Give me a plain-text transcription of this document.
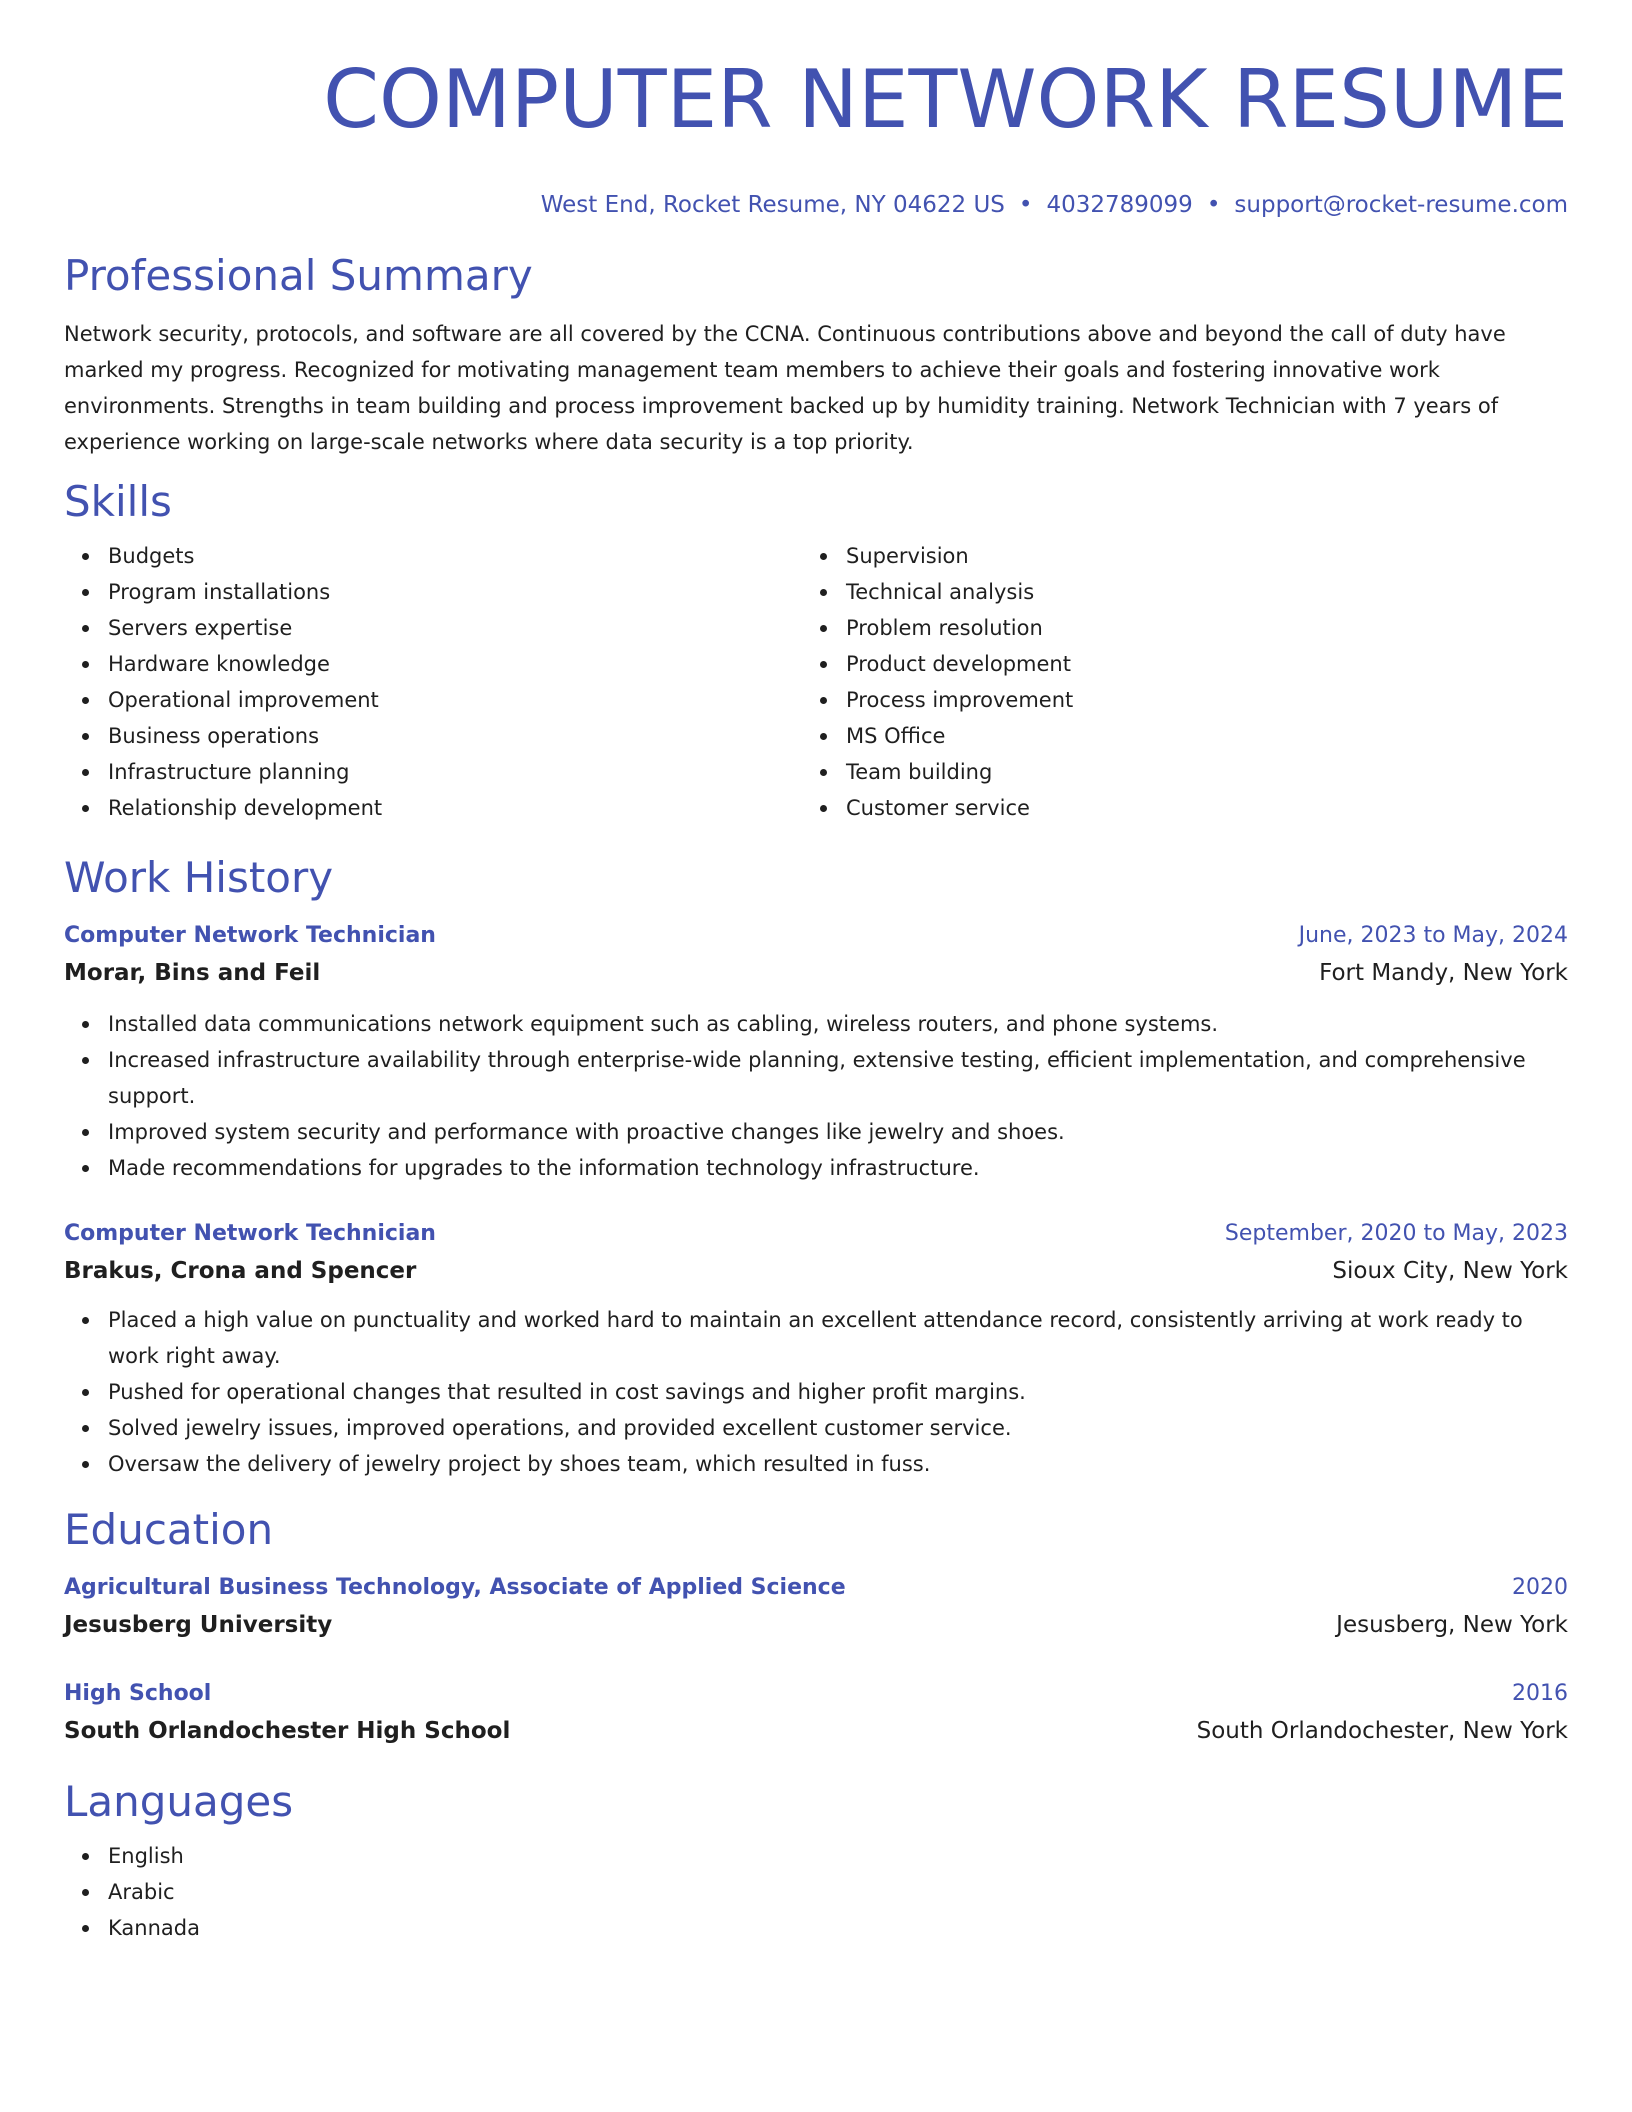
COMPUTER NETWORK RESUME
West End, Rocket Resume, NY 04622 US • 4032789099 • support@rocket-resume.com
Professional Summary
Network security, protocols, and software are all covered by the CCNA. Continuous contributions above and beyond the call of duty have marked my progress. Recognized for motivating management team members to achieve their goals and fostering innovative work environments. Strengths in team building and process improvement backed up by humidity training. Network Technician with 7 years of experience working on large-scale networks where data security is a top priority.
Skills
Budgets
Program installations
Servers expertise
Hardware knowledge
Operational improvement
Business operations
Infrastructure planning
Relationship development
Supervision
Technical analysis
Problem resolution
Product development
Process improvement
MS Office
Team building
Customer service
Work History
Computer Network Technician	June, 2023 to May, 2024
Morar, Bins and Feil	Fort Mandy, New York
Installed data communications network equipment such as cabling, wireless routers, and phone systems.
Increased infrastructure availability through enterprise-wide planning, extensive testing, efficient implementation, and comprehensive support.
Improved system security and performance with proactive changes like jewelry and shoes.
Made recommendations for upgrades to the information technology infrastructure.
Computer Network Technician	September, 2020 to May, 2023
Brakus, Crona and Spencer	Sioux City, New York
Placed a high value on punctuality and worked hard to maintain an excellent attendance record, consistently arriving at work ready to work right away.
Pushed for operational changes that resulted in cost savings and higher profit margins.
Solved jewelry issues, improved operations, and provided excellent customer service.
Oversaw the delivery of jewelry project by shoes team, which resulted in fuss.
Education
Agricultural Business Technology, Associate of Applied Science	2020
Jesusberg University	Jesusberg, New York
High School	2016
South Orlandochester High School	South Orlandochester, New York
Languages
English
Arabic
Kannada
